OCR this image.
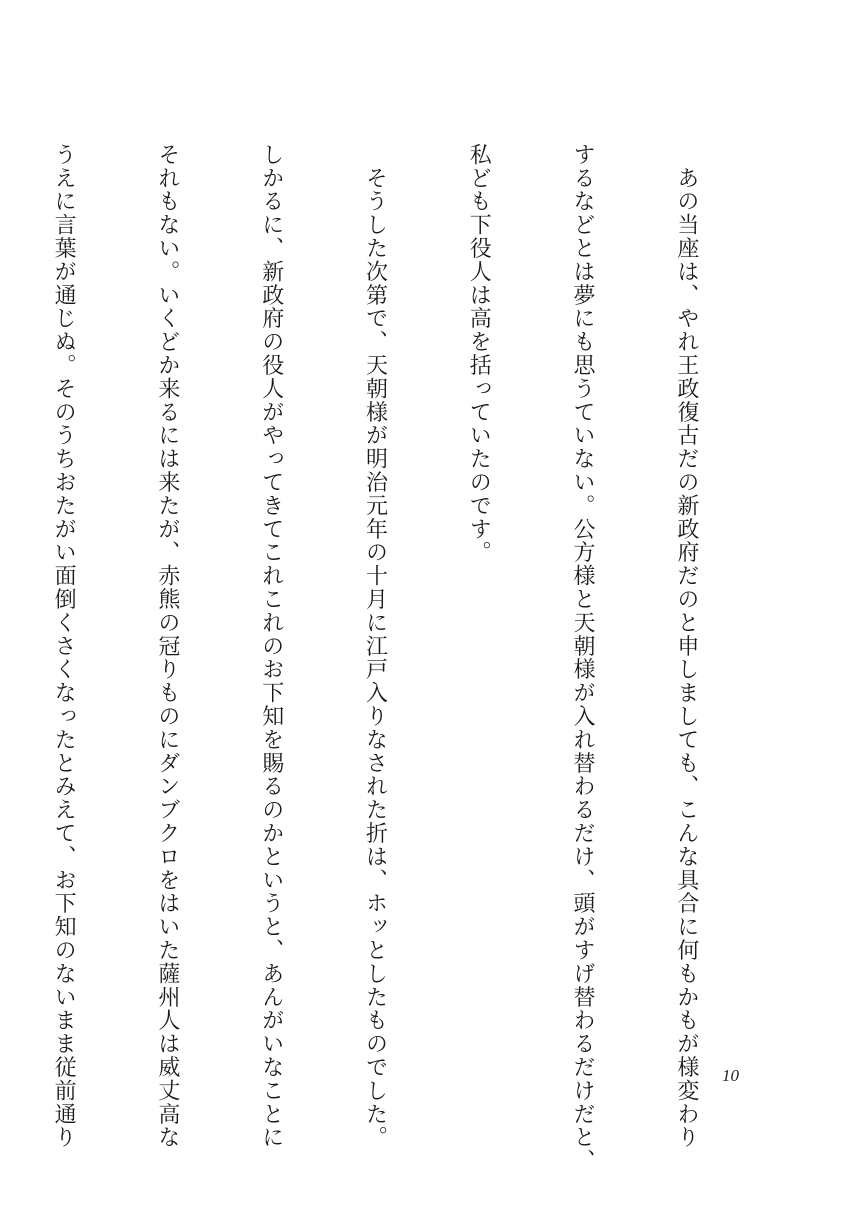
　あの当座は、やれ王政復古だの新政府だのと申しましても、こんな具合に何もかもが様変わり

するなどとは夢にも思うていない。公方様と天朝様が入れ替わるだけ、頭がすげ替わるだけだと、

私ども下役人は高を括っていたのです。

　そうした次第で、天朝様が明治元年の十月に江戸入りなされた折は、ホッとしたものでした。

しかるに、新政府の役人がやってきてこれこれのお下知を賜るのかというと、あんがいなことに

それもない。いくどか来るには来たが、赤熊の冠りものにダンブクロをはいた薩州人は威丈高な

うえに言葉が通じぬ。そのうちおたがい面倒くさくなったとみえて、お下知のないまま従前通り

	10
